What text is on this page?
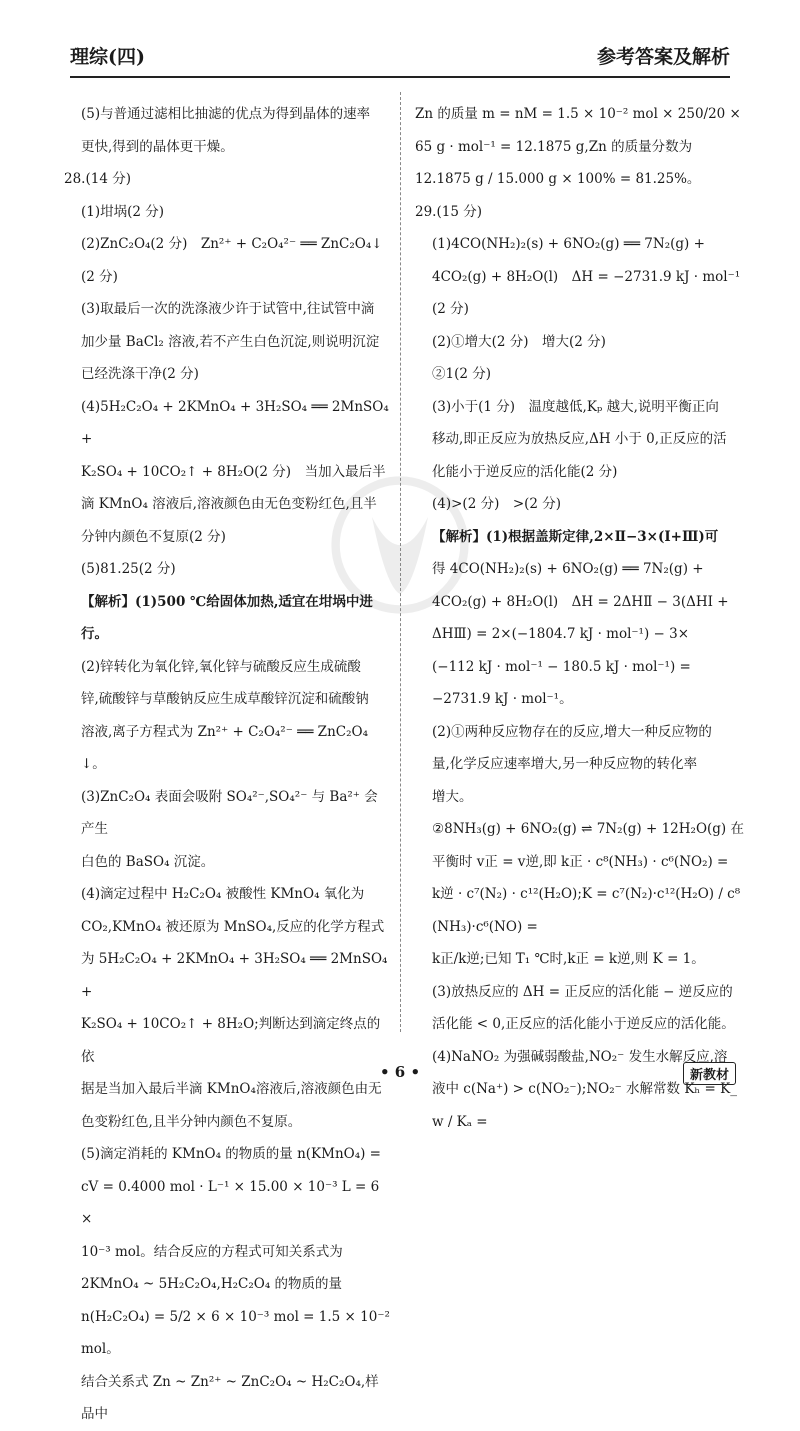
理综(四)	参考答案及解析

(5)与普通过滤相比抽滤的优点为得到晶体的速率

更快,得到的晶体更干燥。

28.(14 分)

(1)坩埚(2 分)

(2)ZnC₂O₄(2 分)　Zn²⁺ + C₂O₄²⁻ ══ ZnC₂O₄↓

(2 分)

(3)取最后一次的洗涤液少许于试管中,往试管中滴

加少量 BaCl₂ 溶液,若不产生白色沉淀,则说明沉淀

已经洗涤干净(2 分)

(4)5H₂C₂O₄ + 2KMnO₄ + 3H₂SO₄ ══ 2MnSO₄ +

K₂SO₄ + 10CO₂↑ + 8H₂O(2 分)　当加入最后半

滴 KMnO₄ 溶液后,溶液颜色由无色变粉红色,且半

分钟内颜色不复原(2 分)

(5)81.25(2 分)

【解析】(1)500 ℃给固体加热,适宜在坩埚中进行。

(2)锌转化为氧化锌,氧化锌与硫酸反应生成硫酸

锌,硫酸锌与草酸钠反应生成草酸锌沉淀和硫酸钠

溶液,离子方程式为 Zn²⁺ + C₂O₄²⁻ ══ ZnC₂O₄↓。

(3)ZnC₂O₄ 表面会吸附 SO₄²⁻,SO₄²⁻ 与 Ba²⁺ 会产生

白色的 BaSO₄ 沉淀。

(4)滴定过程中 H₂C₂O₄ 被酸性 KMnO₄ 氧化为

CO₂,KMnO₄ 被还原为 MnSO₄,反应的化学方程式

为 5H₂C₂O₄ + 2KMnO₄ + 3H₂SO₄ ══ 2MnSO₄ +

K₂SO₄ + 10CO₂↑ + 8H₂O;判断达到滴定终点的依

据是当加入最后半滴 KMnO₄溶液后,溶液颜色由无

色变粉红色,且半分钟内颜色不复原。

(5)滴定消耗的 KMnO₄ 的物质的量 n(KMnO₄) =

cV = 0.4000 mol · L⁻¹ × 15.00 × 10⁻³ L = 6 ×

10⁻³ mol。结合反应的方程式可知关系式为

2KMnO₄ ~ 5H₂C₂O₄,H₂C₂O₄ 的物质的量

n(H₂C₂O₄) = 5/2 × 6 × 10⁻³ mol = 1.5 × 10⁻² mol。

结合关系式 Zn ~ Zn²⁺ ~ ZnC₂O₄ ~ H₂C₂O₄,样品中

Zn 的质量 m = nM = 1.5 × 10⁻² mol × 250/20 ×

65 g · mol⁻¹ = 12.1875 g,Zn 的质量分数为

12.1875 g / 15.000 g × 100% = 81.25%。

29.(15 分)

(1)4CO(NH₂)₂(s) + 6NO₂(g) ══ 7N₂(g) +

4CO₂(g) + 8H₂O(l)　ΔH = −2731.9 kJ · mol⁻¹

(2 分)

(2)①增大(2 分)　增大(2 分)

②1(2 分)

(3)小于(1 分)　温度越低,Kₚ 越大,说明平衡正向

移动,即正反应为放热反应,ΔH 小于 0,正反应的活

化能小于逆反应的活化能(2 分)

(4)>(2 分)　>(2 分)

【解析】(1)根据盖斯定律,2×Ⅱ−3×(Ⅰ+Ⅲ)可

得 4CO(NH₂)₂(s) + 6NO₂(g) ══ 7N₂(g) +

4CO₂(g) + 8H₂O(l)　ΔH = 2ΔHⅡ − 3(ΔHⅠ +

ΔHⅢ) = 2×(−1804.7 kJ · mol⁻¹) − 3×

(−112 kJ · mol⁻¹ − 180.5 kJ · mol⁻¹) =

−2731.9 kJ · mol⁻¹。

(2)①两种反应物存在的反应,增大一种反应物的

量,化学反应速率增大,另一种反应物的转化率

增大。

②8NH₃(g) + 6NO₂(g) ⇌ 7N₂(g) + 12H₂O(g) 在

平衡时 v正 = v逆,即 k正 · c⁸(NH₃) · c⁶(NO₂) =

k逆 · c⁷(N₂) · c¹²(H₂O);K = c⁷(N₂)·c¹²(H₂O) / c⁸(NH₃)·c⁶(NO) =

k正/k逆;已知 T₁ ℃时,k正 = k逆,则 K = 1。

(3)放热反应的 ΔH = 正反应的活化能 − 逆反应的

活化能 < 0,正反应的活化能小于逆反应的活化能。

(4)NaNO₂ 为强碱弱酸盐,NO₂⁻ 发生水解反应,溶

液中 c(Na⁺) > c(NO₂⁻);NO₂⁻ 水解常数 Kₕ = K_w / Kₐ =

• 6 •	新教材
